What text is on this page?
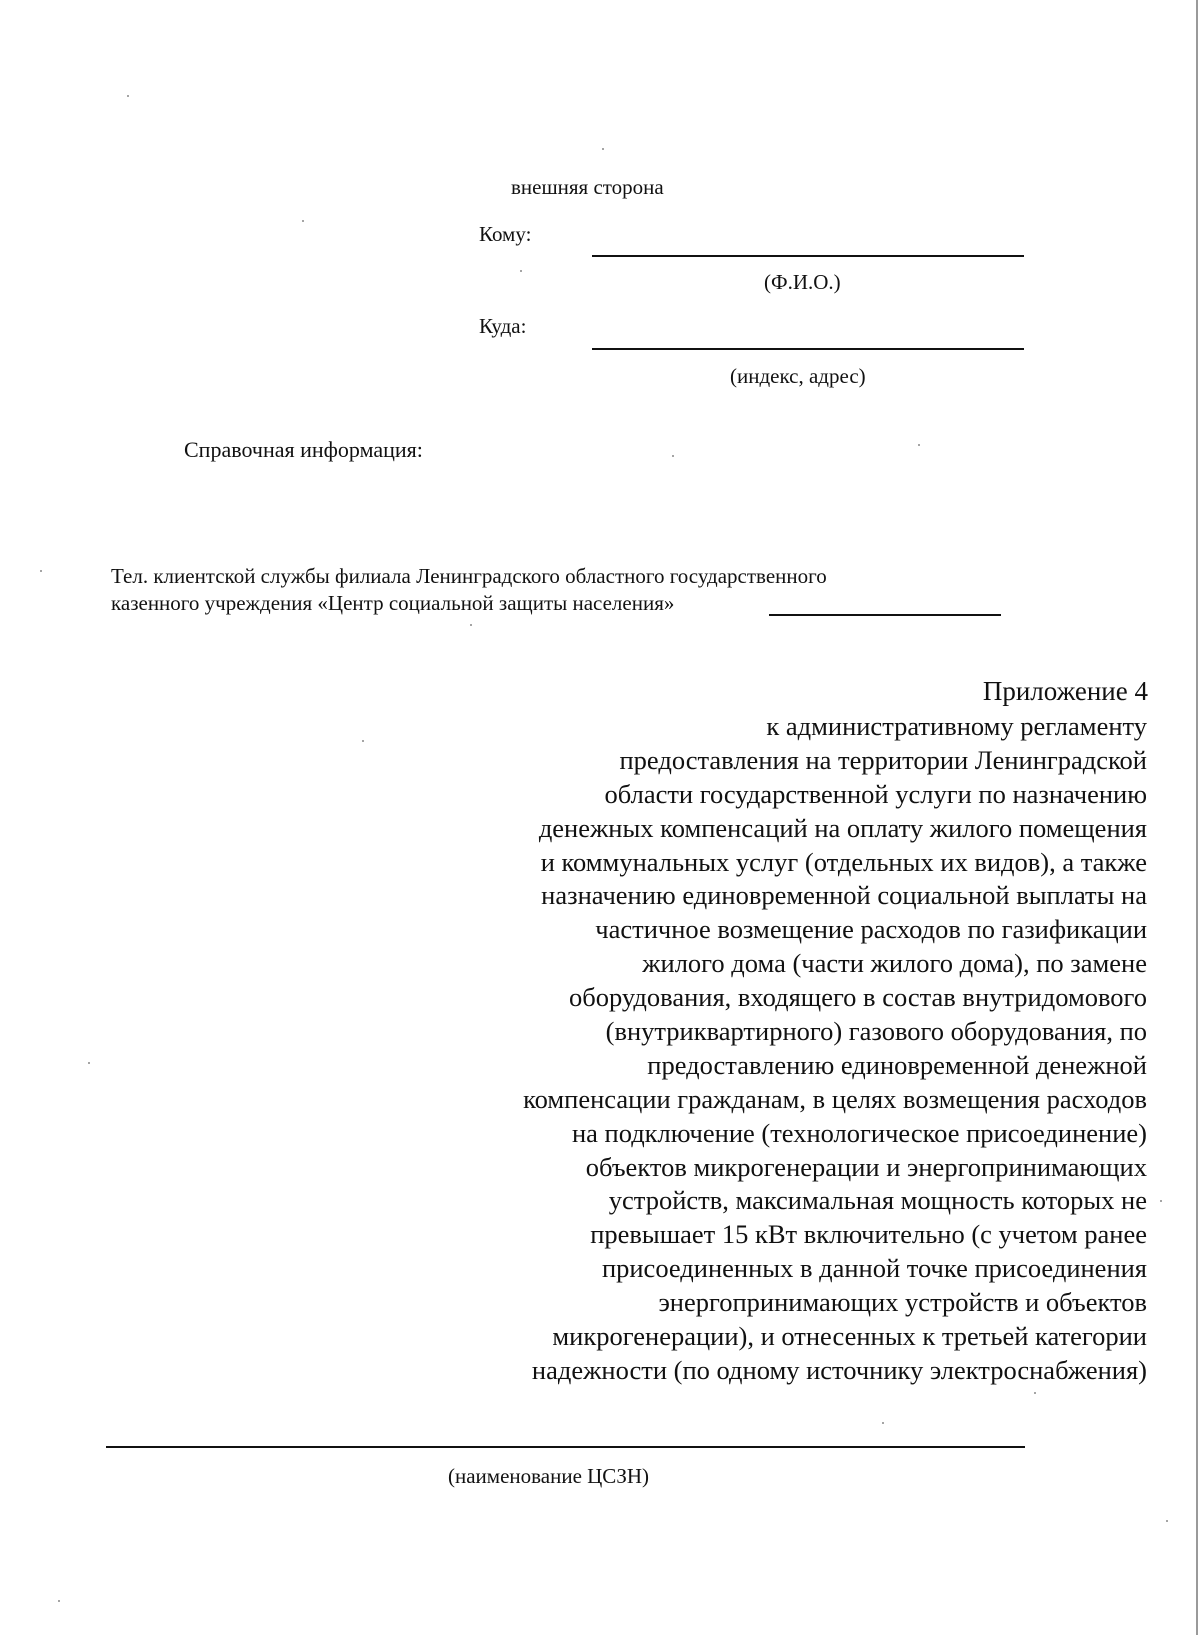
внешняя сторона
Кому:
(Ф.И.О.)
Куда:
(индекс, адрес)
Справочная информация:
Тел. клиентской службы филиала Ленинградского областного государственного
казенного учреждения «Центр социальной защиты населения»
Приложение 4
к административному регламенту
предоставления на территории Ленинградской
области государственной услуги по назначению
денежных компенсаций на оплату жилого помещения
и коммунальных услуг (отдельных их видов), а также
назначению единовременной социальной выплаты на
частичное возмещение расходов по газификации
жилого дома (части жилого дома), по замене
оборудования, входящего в состав внутридомового
(внутриквартирного) газового оборудования, по
предоставлению единовременной денежной
компенсации гражданам, в целях возмещения расходов
на подключение (технологическое присоединение)
объектов микрогенерации и энергопринимающих
устройств, максимальная мощность которых не
превышает 15 кВт включительно (с учетом ранее
присоединенных в данной точке присоединения
энергопринимающих устройств и объектов
микрогенерации), и отнесенных к третьей категории
надежности (по одному источнику электроснабжения)
(наименование ЦСЗН)
